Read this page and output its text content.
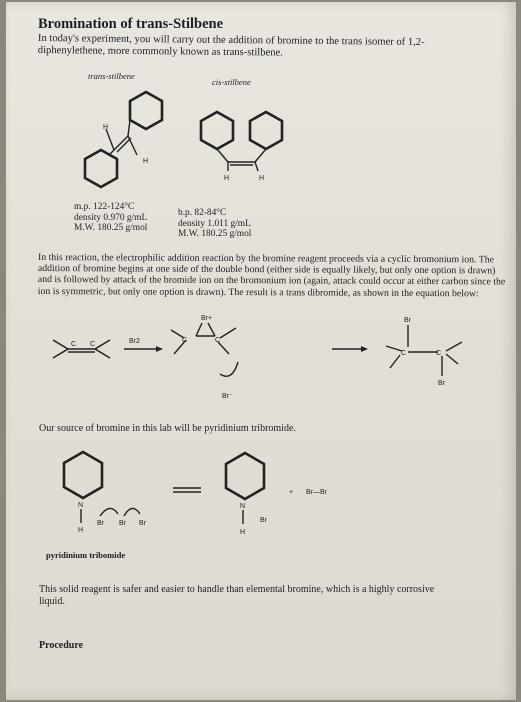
Bromination of trans-Stilbene
In today's experiment, you will carry out the addition of bromine to the trans isomer of 1,2-diphenylethene, more commonly known as trans-stilbene.
trans-stilbene
cis-stilbene
H
H
H	H
C C	Br2
Br+
C	C
Br⁻
Br
C	C
Br
N
H
Br Br Br
N
H
Br
+ Br—Br
m.p. 122-124°C
density 0.970 g/mL
M.W. 180.25 g/mol
b.p. 82-84°C
density 1.011 g/mL
M.W. 180.25 g/mol
In this reaction, the electrophilic addition reaction by the bromine reagent proceeds via a cyclic bromonium ion. The addition of bromine begins at one side of the double bond (either side is equally likely, but only one option is drawn) and is followed by attack of the bromide ion on the bromonium ion (again, attack could occur at either carbon since the ion is symmetric, but only one option is drawn). The result is a trans dibromide, as shown in the equation below:
Our source of bromine in this lab will be pyridinium tribromide.
pyridinium tribomide
This solid reagent is safer and easier to handle than elemental bromine, which is a highly corrosive liquid.
Procedure
